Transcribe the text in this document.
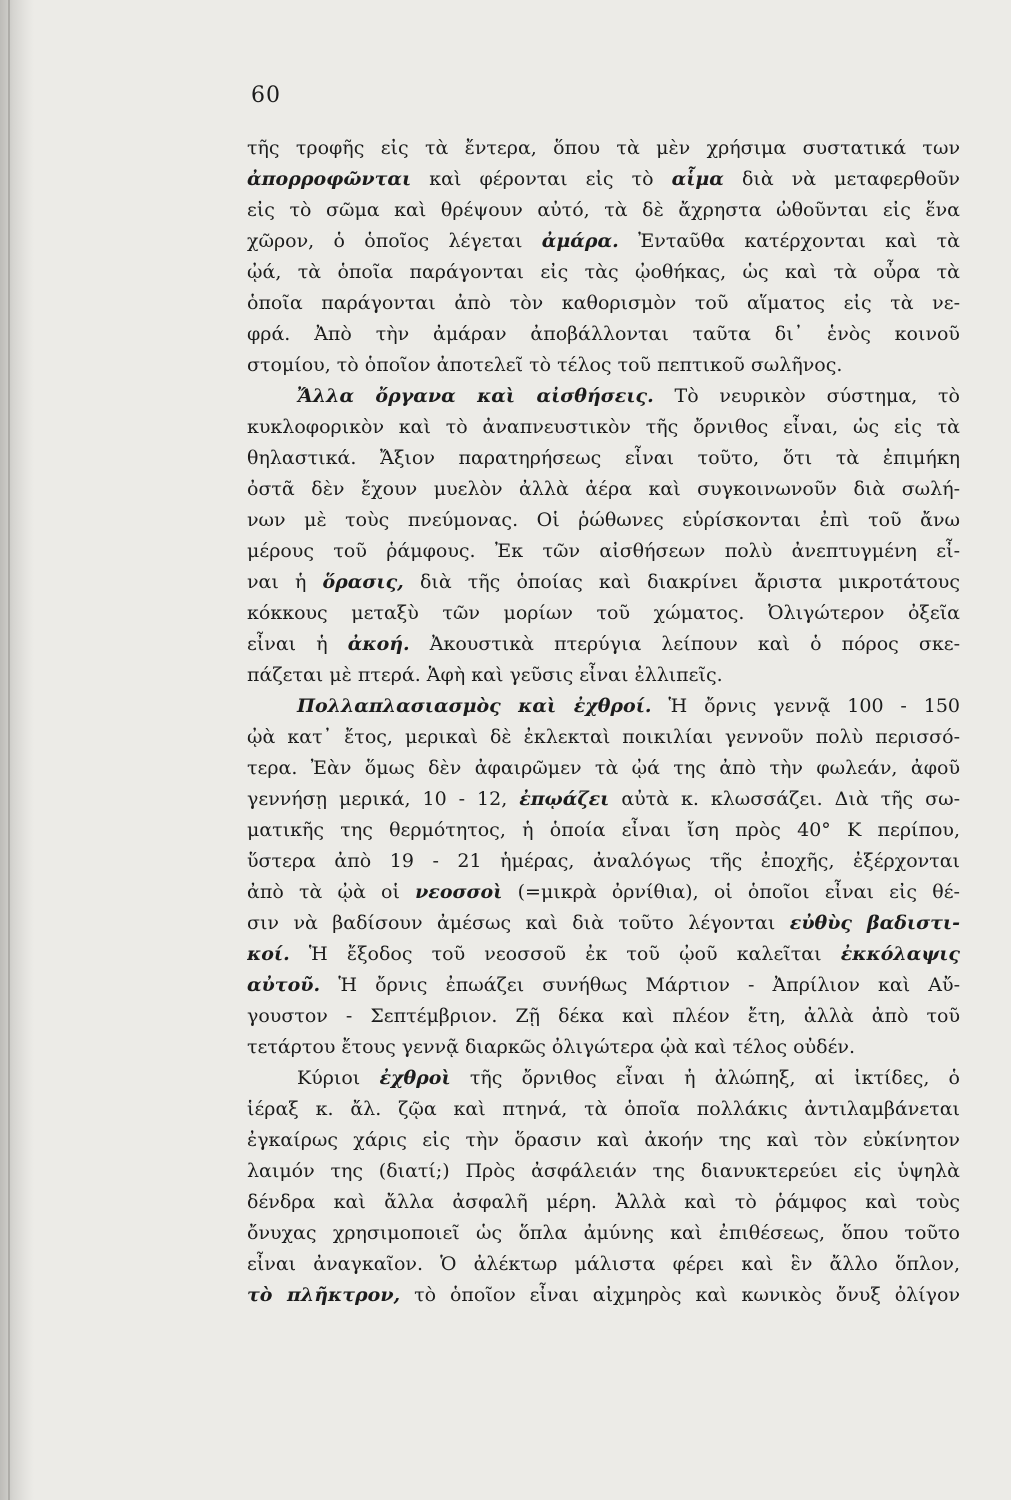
60
τῆς τροφῆς εἰς τὰ ἔντερα, ὅπου τὰ μὲν χρήσιμα συστατικά των
ἀπορροφῶνται καὶ φέρονται εἰς τὸ αἷμα διὰ νὰ μεταφερθοῦν
εἰς τὸ σῶμα καὶ θρέψουν αὐτό, τὰ δὲ ἄχρηστα ὠθοῦνται εἰς ἕνα
χῶρον, ὁ ὁποῖος λέγεται ἀμάρα. Ἐνταῦθα κατέρχονται καὶ τὰ
ᾠά, τὰ ὁποῖα παράγονται εἰς τὰς ᾠοθήκας, ὡς καὶ τὰ οὖρα τὰ
ὁποῖα παράγονται ἀπὸ τὸν καθορισμὸν τοῦ αἵματος εἰς τὰ νε-
φρά. Ἀπὸ τὴν ἀμάραν ἀποβάλλονται ταῦτα δι᾿ ἑνὸς κοινοῦ
στομίου, τὸ ὁποῖον ἀποτελεῖ τὸ τέλος τοῦ πεπτικοῦ σωλῆνος.
Ἄλλα ὄργανα καὶ αἰσθήσεις. Τὸ νευρικὸν σύστημα, τὸ
κυκλοφορικὸν καὶ τὸ ἀναπνευστικὸν τῆς ὄρνιθος εἶναι, ὡς εἰς τὰ
θηλαστικά. Ἄξιον παρατηρήσεως εἶναι τοῦτο, ὅτι τὰ ἐπιμήκη
ὀστᾶ δὲν ἔχουν μυελὸν ἀλλὰ ἀέρα καὶ συγκοινωνοῦν διὰ σωλή-
νων μὲ τοὺς πνεύμονας. Οἱ ῥώθωνες εὑρίσκονται ἐπὶ τοῦ ἄνω
μέρους τοῦ ῥάμφους. Ἐκ τῶν αἰσθήσεων πολὺ ἀνεπτυγμένη εἶ-
ναι ἡ ὅρασις, διὰ τῆς ὁποίας καὶ διακρίνει ἄριστα μικροτάτους
κόκκους μεταξὺ τῶν μορίων τοῦ χώματος. Ὀλιγώτερον ὀξεῖα
εἶναι ἡ ἀκοή. Ἀκουστικὰ πτερύγια λείπουν καὶ ὁ πόρος σκε-
πάζεται μὲ πτερά. Ἁφὴ καὶ γεῦσις εἶναι ἐλλιπεῖς.
Πολλαπλασιασμὸς καὶ ἐχθροί. Ἡ ὄρνις γεννᾷ 100 - 150
ᾠὰ κατ᾿ ἔτος, μερικαὶ δὲ ἐκλεκταὶ ποικιλίαι γεννοῦν πολὺ περισσό-
τερα. Ἐὰν ὅμως δὲν ἀφαιρῶμεν τὰ ᾠά της ἀπὸ τὴν φωλεάν, ἀφοῦ
γεννήσῃ μερικά, 10 - 12, ἐπῳάζει αὐτὰ κ. κλωσσάζει. Διὰ τῆς σω-
ματικῆς της θερμότητος, ἡ ὁποία εἶναι ἴση πρὸς 40° Κ περίπου,
ὕστερα ἀπὸ 19 - 21 ἡμέρας, ἀναλόγως τῆς ἐποχῆς, ἐξέρχονται
ἀπὸ τὰ ᾠὰ οἱ νεοσσοὶ (=μικρὰ ὀρνίθια), οἱ ὁποῖοι εἶναι εἰς θέ-
σιν νὰ βαδίσουν ἀμέσως καὶ διὰ τοῦτο λέγονται εὐθὺς βαδιστι-
κοί. Ἡ ἔξοδος τοῦ νεοσσοῦ ἐκ τοῦ ᾠοῦ καλεῖται ἐκκόλαψις
αὐτοῦ. Ἡ ὄρνις ἐπωάζει συνήθως Μάρτιον - Ἀπρίλιον καὶ Αὔ-
γουστον - Σεπτέμβριον. Ζῇ δέκα καὶ πλέον ἔτη, ἀλλὰ ἀπὸ τοῦ
τετάρτου ἔτους γεννᾷ διαρκῶς ὀλιγώτερα ᾠὰ καὶ τέλος οὐδέν.
Κύριοι ἐχθροὶ τῆς ὄρνιθος εἶναι ἡ ἀλώπηξ, αἱ ἰκτίδες, ὁ
ἱέραξ κ. ἄλ. ζῷα καὶ πτηνά, τὰ ὁποῖα πολλάκις ἀντιλαμβάνεται
ἐγκαίρως χάρις εἰς τὴν ὅρασιν καὶ ἀκοήν της καὶ τὸν εὐκίνητον
λαιμόν της (διατί;) Πρὸς ἀσφάλειάν της διανυκτερεύει εἰς ὑψηλὰ
δένδρα καὶ ἄλλα ἀσφαλῆ μέρη. Ἀλλὰ καὶ τὸ ῥάμφος καὶ τοὺς
ὄνυχας χρησιμοποιεῖ ὡς ὅπλα ἀμύνης καὶ ἐπιθέσεως, ὅπου τοῦτο
εἶναι ἀναγκαῖον. Ὁ ἀλέκτωρ μάλιστα φέρει καὶ ἓν ἄλλο ὅπλον,
τὸ πλῆκτρον, τὸ ὁποῖον εἶναι αἰχμηρὸς καὶ κωνικὸς ὄνυξ ὀλίγον
